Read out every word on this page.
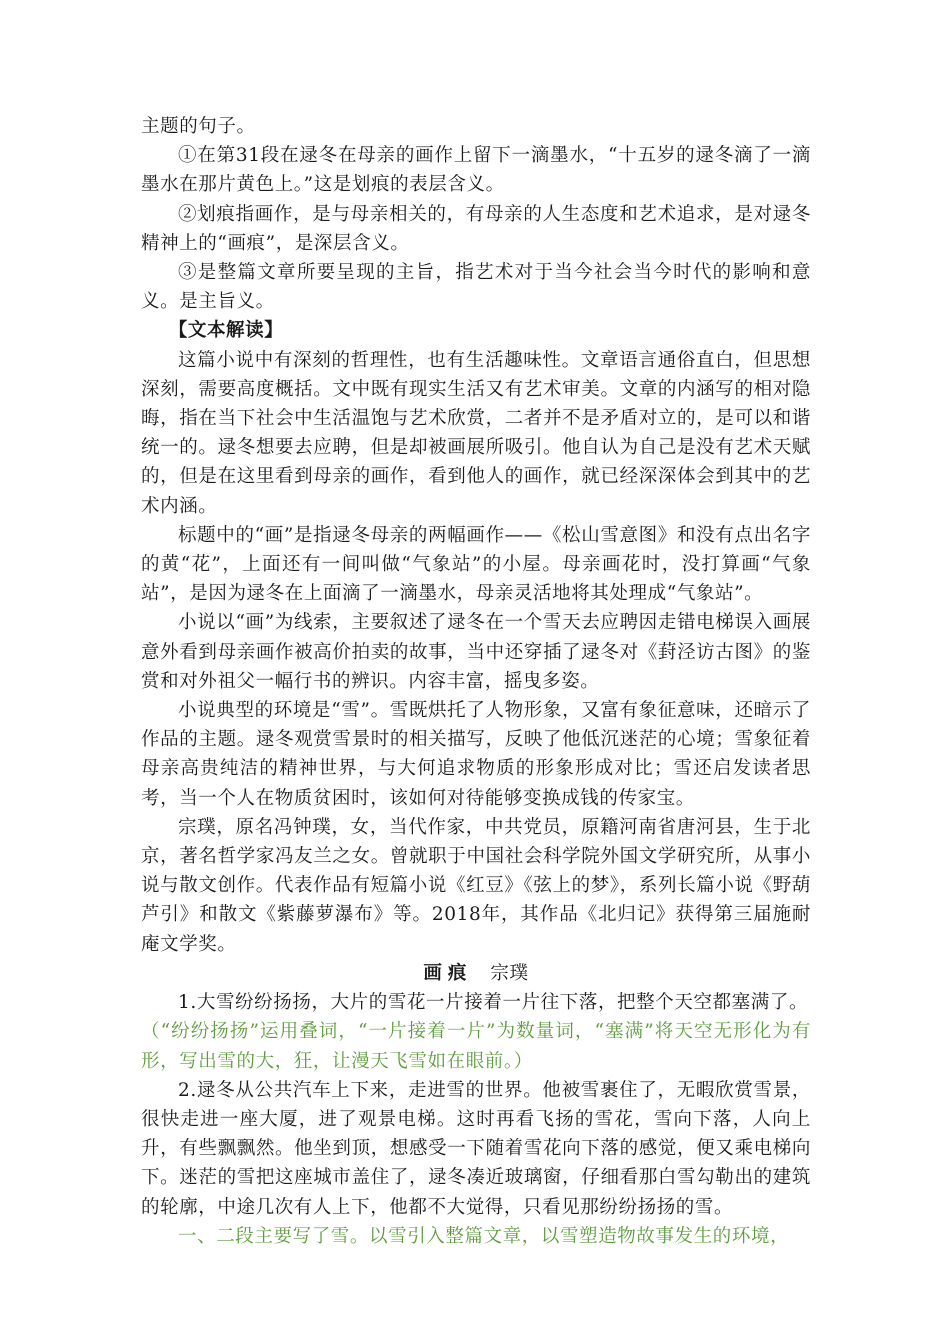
主题的句子。

①在第31段在逯冬在母亲的画作上留下一滴墨水，“十五岁的逯冬滴了一滴墨水在那片黄色上。”这是划痕的表层含义。

②划痕指画作，是与母亲相关的，有母亲的人生态度和艺术追求，是对逯冬精神上的“画痕”，是深层含义。

③是整篇文章所要呈现的主旨，指艺术对于当今社会当今时代的影响和意义。是主旨义。

【文本解读】

这篇小说中有深刻的哲理性，也有生活趣味性。文章语言通俗直白，但思想深刻，需要高度概括。文中既有现实生活又有艺术审美。文章的内涵写的相对隐晦，指在当下社会中生活温饱与艺术欣赏，二者并不是矛盾对立的，是可以和谐统一的。逯冬想要去应聘，但是却被画展所吸引。他自认为自己是没有艺术天赋的，但是在这里看到母亲的画作，看到他人的画作，就已经深深体会到其中的艺术内涵。

标题中的“画”是指逯冬母亲的两幅画作——《松山雪意图》和没有点出名字的黄“花”，上面还有一间叫做“气象站”的小屋。母亲画花时，没打算画“气象站”，是因为逯冬在上面滴了一滴墨水，母亲灵活地将其处理成“气象站”。

小说以“画”为线索，主要叙述了逯冬在一个雪天去应聘因走错电梯误入画展意外看到母亲画作被高价拍卖的故事，当中还穿插了逯冬对《葑泾访古图》的鉴赏和对外祖父一幅行书的辨识。内容丰富，摇曳多姿。

小说典型的环境是“雪”。雪既烘托了人物形象，又富有象征意味，还暗示了作品的主题。逯冬观赏雪景时的相关描写，反映了他低沉迷茫的心境；雪象征着母亲高贵纯洁的精神世界，与大何追求物质的形象形成对比；雪还启发读者思考，当一个人在物质贫困时，该如何对待能够变换成钱的传家宝。

宗璞，原名冯钟璞，女，当代作家，中共党员，原籍河南省唐河县，生于北京，著名哲学家冯友兰之女。曾就职于中国社会科学院外国文学研究所，从事小说与散文创作。代表作品有短篇小说《红豆》《弦上的梦》，系列长篇小说《野葫芦引》和散文《紫藤萝瀑布》等。2018年，其作品《北归记》获得第三届施耐庵文学奖。

画痕 宗璞

1.大雪纷纷扬扬，大片的雪花一片接着一片往下落，把整个天空都塞满了。

（“纷纷扬扬”运用叠词，“一片接着一片”为数量词，“塞满”将天空无形化为有形，写出雪的大，狂，让漫天飞雪如在眼前。）

2.逯冬从公共汽车上下来，走进雪的世界。他被雪裹住了，无暇欣赏雪景，很快走进一座大厦，进了观景电梯。这时再看飞扬的雪花，雪向下落，人向上升，有些飘飘然。他坐到顶，想感受一下随着雪花向下落的感觉，便又乘电梯向下。迷茫的雪把这座城市盖住了，逯冬凑近玻璃窗，仔细看那白雪勾勒出的建筑的轮廓，中途几次有人上下，他都不大觉得，只看见那纷纷扬扬的雪。

一、二段主要写了雪。以雪引入整篇文章，以雪塑造物故事发生的环境，
